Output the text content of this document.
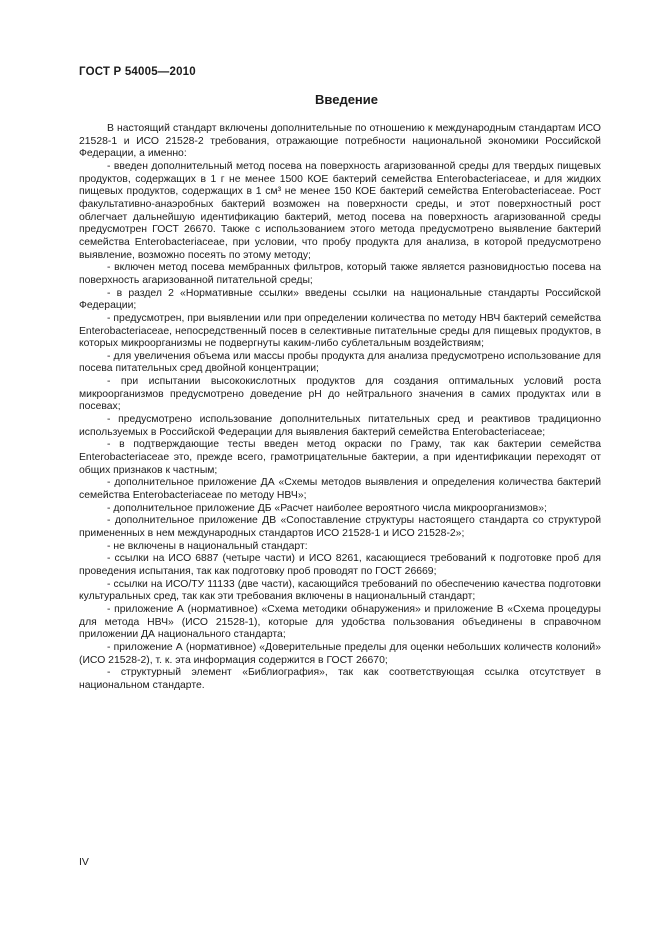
ГОСТ Р 54005—2010
Введение

В настоящий стандарт включены дополнительные по отношению к международным стандартам ИСО 21528-1 и ИСО 21528-2 требования, отражающие потребности национальной экономики Российской Федерации, а именно:

- введен дополнительный метод посева на поверхность агаризованной среды для твердых пищевых продуктов, содержащих в 1 г не менее 1500 КОЕ бактерий семейства Enterobacteriaceae, и для жидких пищевых продуктов, содержащих в 1 см³ не менее 150 КОЕ бактерий семейства Enterobacteriaceae. Рост факультативно-анаэробных бактерий возможен на поверхности среды, и этот поверхностный рост облегчает дальнейшую идентификацию бактерий, метод посева на поверхность агаризованной среды предусмотрен ГОСТ 26670. Также с использованием этого метода предусмотрено выявление бактерий семейства Enterobacteriaceae, при условии, что пробу продукта для анализа, в которой предусмотрено выявление, возможно посеять по этому методу;

- включен метод посева мембранных фильтров, который также является разновидностью посева на поверхность агаризованной питательной среды;

- в раздел 2 «Нормативные ссылки» введены ссылки на национальные стандарты Российской Федерации;

- предусмотрен, при выявлении или при определении количества по методу НВЧ бактерий семейства Enterobacteriaceae, непосредственный посев в селективные питательные среды для пищевых продуктов, в которых микроорганизмы не подвергнуты каким-либо сублетальным воздействиям;

- для увеличения объема или массы пробы продукта для анализа предусмотрено использование для посева питательных сред двойной концентрации;

- при испытании высококислотных продуктов для создания оптимальных условий роста микроорганизмов предусмотрено доведение рН до нейтрального значения в самих продуктах или в посевах;

- предусмотрено использование дополнительных питательных сред и реактивов традиционно используемых в Российской Федерации для выявления бактерий семейства Enterobacteriaceae;

- в подтверждающие тесты введен метод окраски по Граму, так как бактерии семейства Enterobacteriaceae это, прежде всего, грамотрицательные бактерии, а при идентификации переходят от общих признаков к частным;

- дополнительное приложение ДА «Схемы методов выявления и определения количества бактерий семейства Enterobacteriaceae по методу НВЧ»;

- дополнительное приложение ДБ «Расчет наиболее вероятного числа микроорганизмов»;

- дополнительное приложение ДВ «Сопоставление структуры настоящего стандарта со структурой примененных в нем международных стандартов ИСО 21528-1 и ИСО 21528-2»;

- не включены в национальный стандарт:

- ссылки на ИСО 6887 (четыре части) и ИСО 8261, касающиеся требований к подготовке проб для проведения испытания, так как подготовку проб проводят по ГОСТ 26669;

- ссылки на ИСО/ТУ 11133 (две части), касающийся требований по обеспечению качества подготовки культуральных сред, так как эти требования включены в национальный стандарт;

- приложение А (нормативное) «Схема методики обнаружения» и приложение В «Схема процедуры для метода НВЧ» (ИСО 21528-1), которые для удобства пользования объединены в справочном приложении ДА национального стандарта;

- приложение А (нормативное) «Доверительные пределы для оценки небольших количеств колоний» (ИСО 21528-2), т. к. эта информация содержится в ГОСТ 26670;

- структурный элемент «Библиография», так как соответствующая ссылка отсутствует в национальном стандарте.

IV
